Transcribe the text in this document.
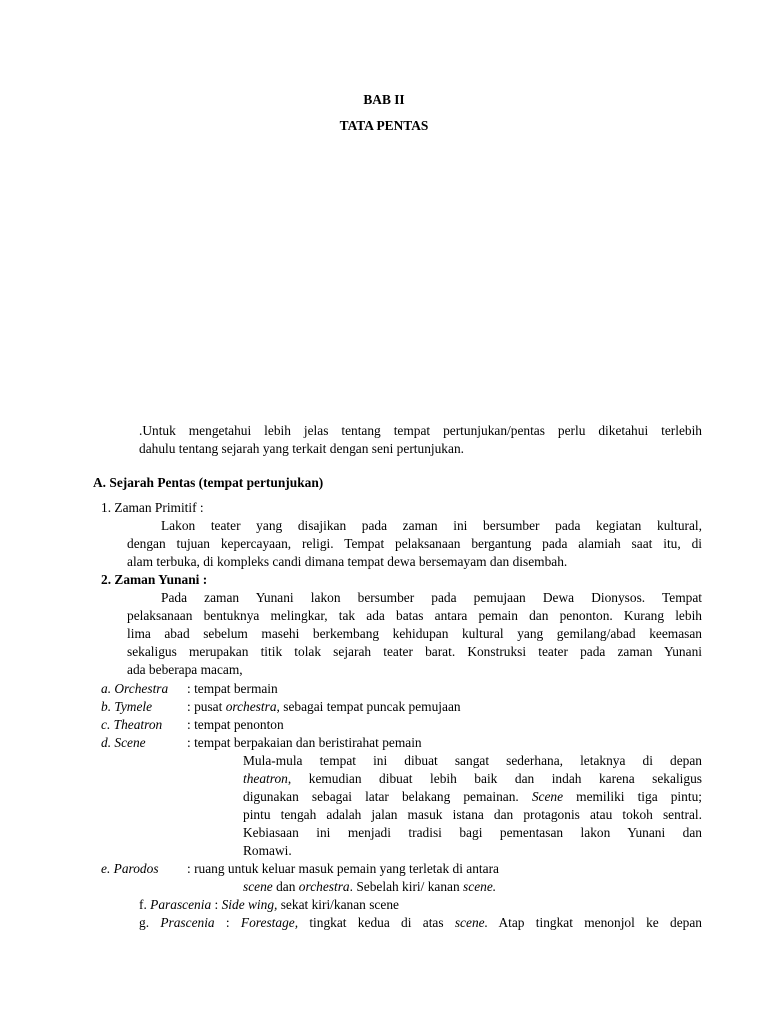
BAB II
TATA PENTAS
.Untuk mengetahui lebih jelas tentang tempat pertunjukan/pentas perlu diketahui terlebih
dahulu tentang sejarah yang terkait dengan seni pertunjukan.
A. Sejarah Pentas (tempat pertunjukan)
1. Zaman Primitif :
Lakon teater yang disajikan pada zaman ini bersumber pada kegiatan kultural,
dengan tujuan kepercayaan, religi. Tempat pelaksanaan bergantung pada alamiah saat itu, di
alam terbuka, di kompleks candi dimana tempat dewa bersemayam dan disembah.
2. Zaman Yunani :
Pada zaman Yunani lakon bersumber pada pemujaan Dewa Dionysos. Tempat
pelaksanaan bentuknya melingkar, tak ada batas antara pemain dan penonton. Kurang lebih
lima abad sebelum masehi berkembang kehidupan kultural yang gemilang/abad keemasan
sekaligus merupakan titik tolak sejarah teater barat. Konstruksi teater pada zaman Yunani
ada beberapa macam,
a. Orchestra : tempat bermain
b. Tymele	: pusat orchestra, sebagai tempat puncak pemujaan
c. Theatron : tempat penonton
d. Scene	: tempat berpakaian dan beristirahat pemain
Mula-mula tempat ini dibuat sangat sederhana, letaknya di depan
theatron, kemudian dibuat lebih baik dan indah karena sekaligus
digunakan sebagai latar belakang pemainan. Scene memiliki tiga pintu;
pintu tengah adalah jalan masuk istana dan protagonis atau tokoh sentral.
Kebiasaan ini menjadi tradisi bagi pementasan lakon Yunani dan
Romawi.
e. Parodos : ruang untuk keluar masuk pemain yang terletak di antara
scene dan orchestra. Sebelah kiri/ kanan scene.
f. Parascenia : Side wing, sekat kiri/kanan scene
g. Prascenia : Forestage, tingkat kedua di atas scene. Atap tingkat menonjol ke depan
